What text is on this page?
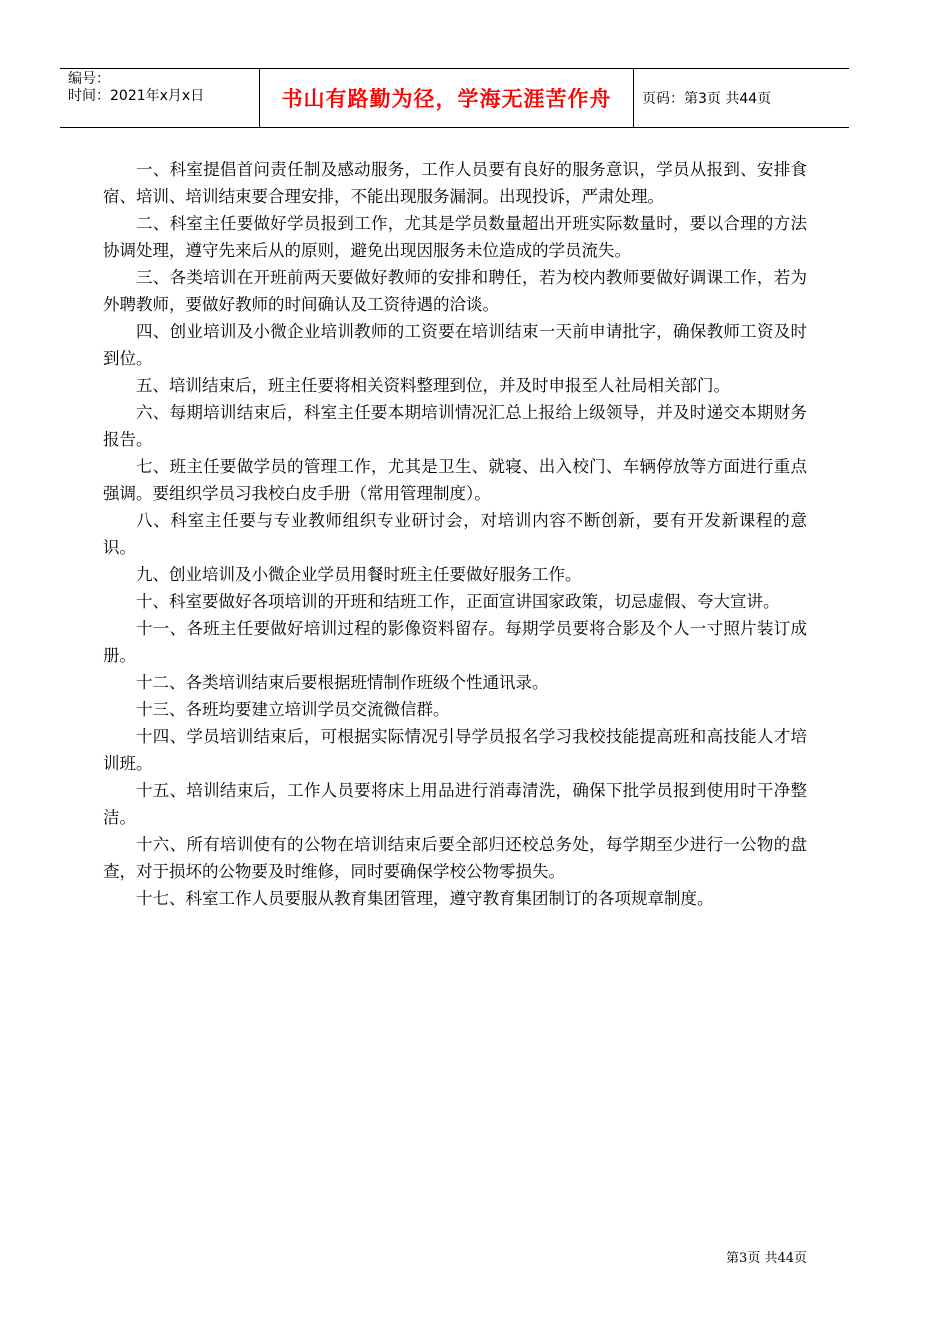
编号：
时间：2021年x月x日	书山有路勤为径，学海无涯苦作舟	页码：第3页 共44页

一、科室提倡首问责任制及感动服务，工作人员要有良好的服务意识，学员从报到、安排食宿、培训、培训结束要合理安排，不能出现服务漏洞。出现投诉，严肃处理。

二、科室主任要做好学员报到工作，尤其是学员数量超出开班实际数量时，要以合理的方法协调处理，遵守先来后从的原则，避免出现因服务未位造成的学员流失。

三、各类培训在开班前两天要做好教师的安排和聘任，若为校内教师要做好调课工作，若为外聘教师，要做好教师的时间确认及工资待遇的洽谈。

四、创业培训及小微企业培训教师的工资要在培训结束一天前申请批字，确保教师工资及时到位。

五、培训结束后，班主任要将相关资料整理到位，并及时申报至人社局相关部门。

六、每期培训结束后，科室主任要本期培训情况汇总上报给上级领导，并及时递交本期财务报告。

七、班主任要做学员的管理工作，尤其是卫生、就寝、出入校门、车辆停放等方面进行重点强调。要组织学员习我校白皮手册（常用管理制度）。

八、科室主任要与专业教师组织专业研讨会，对培训内容不断创新，要有开发新课程的意识。

九、创业培训及小微企业学员用餐时班主任要做好服务工作。

十、科室要做好各项培训的开班和结班工作，正面宣讲国家政策，切忌虚假、夸大宣讲。

十一、各班主任要做好培训过程的影像资料留存。每期学员要将合影及个人一寸照片装订成册。

十二、各类培训结束后要根据班情制作班级个性通讯录。

十三、各班均要建立培训学员交流微信群。

十四、学员培训结束后，可根据实际情况引导学员报名学习我校技能提高班和高技能人才培训班。

十五、培训结束后，工作人员要将床上用品进行消毒清洗，确保下批学员报到使用时干净整洁。

十六、所有培训使有的公物在培训结束后要全部归还校总务处，每学期至少进行一公物的盘查，对于损坏的公物要及时维修，同时要确保学校公物零损失。

十七、科室工作人员要服从教育集团管理，遵守教育集团制订的各项规章制度。

第3页 共44页
